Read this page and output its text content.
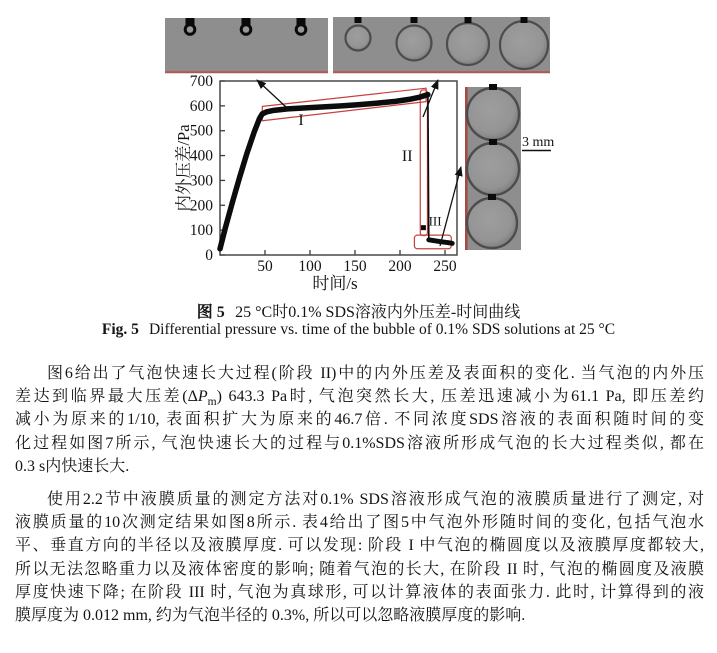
3 mm
50 100 150 200 250
0
100
200
300
400
500
600
700
时间/s
内外压差/Pa
I
II
III
图 5 25 °C时0.1% SDS溶液内外压差-时间曲线
Fig. 5 Differential pressure vs. time of the bubble of 0.1% SDS solutions at 25 °C
图6给出了气泡快速长大过程(阶段 II)中的内外压差及表面积的变化. 当气泡的内外压
差达到临界最大压差$(\Delta P_m)$ 643.3 Pa时, 气泡突然长大, 压差迅速减小为61.1 Pa, 即压差约
减小为原来的1/10, 表面积扩大为原来的46.7倍. 不同浓度SDS溶液的表面积随时间的变
化过程如图7所示, 气泡快速长大的过程与0.1%SDS溶液所形成气泡的长大过程类似, 都在
0.3 s内快速长大.
使用2.2节中液膜质量的测定方法对0.1% SDS溶液形成气泡的液膜质量进行了测定, 对
液膜质量的10次测定结果如图8所示. 表4给出了图5中气泡外形随时间的变化, 包括气泡水
平、垂直方向的半径以及液膜厚度. 可以发现: 阶段 I 中气泡的椭圆度以及液膜厚度都较大,
所以无法忽略重力以及液体密度的影响; 随着气泡的长大, 在阶段 II 时, 气泡的椭圆度及液膜
厚度快速下降; 在阶段 III 时, 气泡为真球形, 可以计算液体的表面张力. 此时, 计算得到的液
膜厚度为 0.012 mm, 约为气泡半径的 0.3%, 所以可以忽略液膜厚度的影响.
